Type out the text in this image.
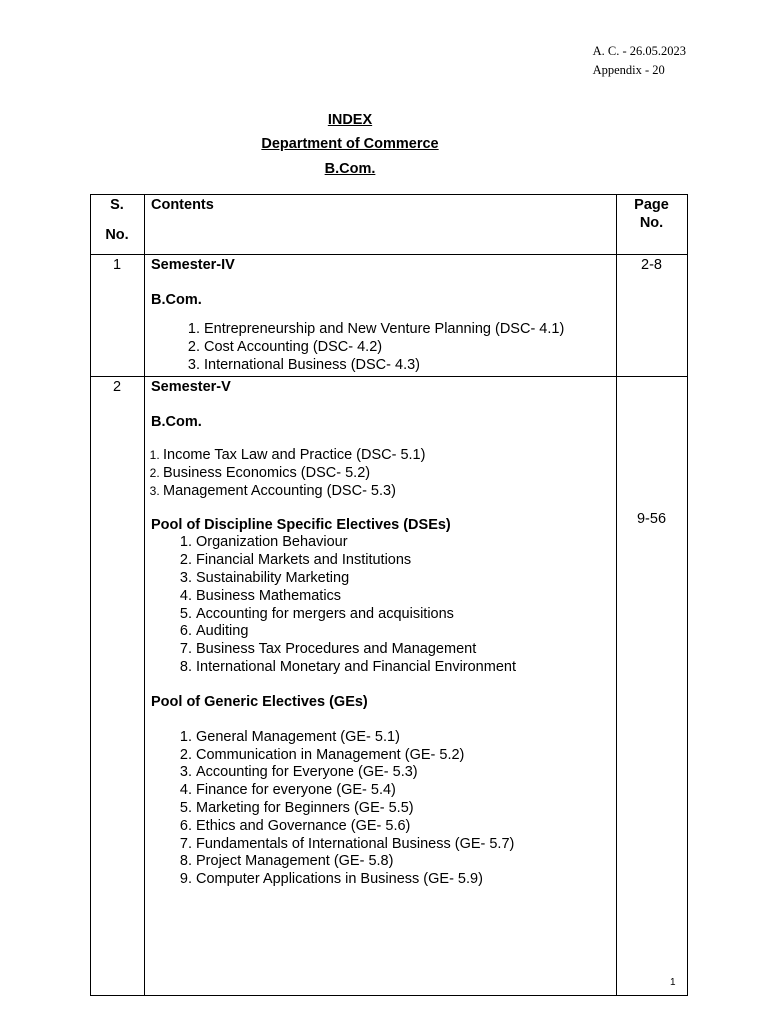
A. C. - 26.05.2023
Appendix - 20
INDEX
Department of Commerce
B.Com.
S.
No.
Contents	Page
No.
1	2-8
Semester-IV
B.Com.
1. Entrepreneurship and New Venture Planning (DSC- 4.1)
2. Cost Accounting (DSC- 4.2)
3. International Business (DSC- 4.3)
2
9-56
Semester-V
B.Com.
1. Income Tax Law and Practice (DSC- 5.1)
2. Business Economics (DSC- 5.2)
3. Management Accounting (DSC- 5.3)
Pool of Discipline Specific Electives (DSEs)
1. Organization Behaviour
2. Financial Markets and Institutions
3. Sustainability Marketing
4. Business Mathematics
5. Accounting for mergers and acquisitions
6. Auditing
7. Business Tax Procedures and Management
8. International Monetary and Financial Environment
Pool of Generic Electives (GEs)
1. General Management (GE- 5.1)
2. Communication in Management (GE- 5.2)
3. Accounting for Everyone (GE- 5.3)
4. Finance for everyone (GE- 5.4)
5. Marketing for Beginners (GE- 5.5)
6. Ethics and Governance (GE- 5.6)
7. Fundamentals of International Business (GE- 5.7)
8. Project Management (GE- 5.8)
9. Computer Applications in Business (GE- 5.9)
1
